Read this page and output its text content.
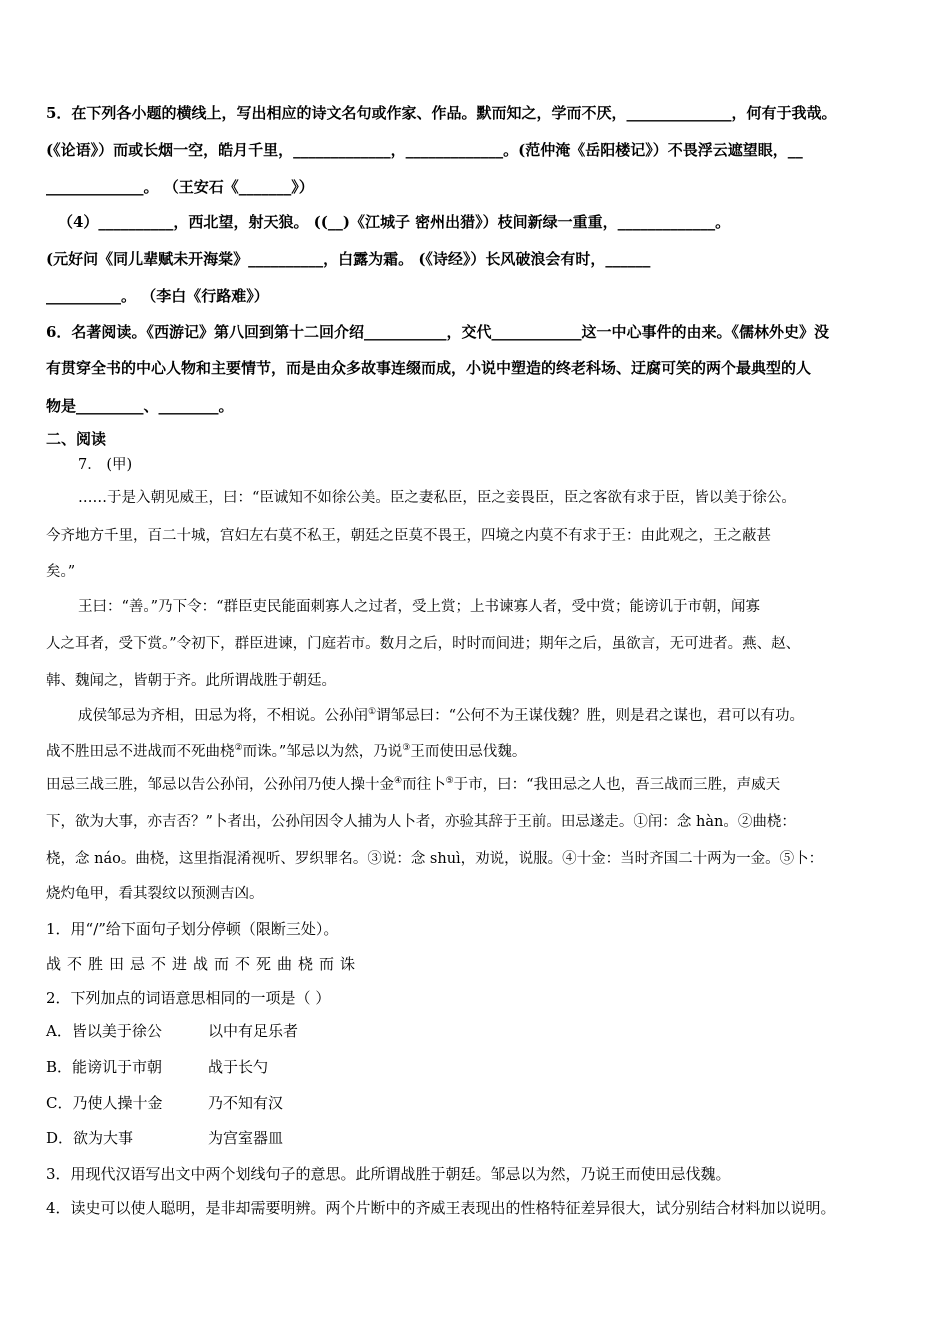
5．在下列各小题的横线上，写出相应的诗文名句或作家、作品。默而知之，学而不厌，______________，何有于我哉。
(《论语》）而或长烟一空，皓月千里，_____________，_____________。(范仲淹《岳阳楼记》）不畏浮云遮望眼，__
_____________。 （王安石《_______》）
（4）__________，西北望，射天狼。 ((__)《江城子 密州出猎》）枝间新绿一重重，_____________。
(元好问《同儿辈赋未开海棠》__________，白露为霜。 (《诗经》）长风破浪会有时，______
__________。 （李白《行路难》）
6．名著阅读。《西游记》第八回到第十二回介绍___________，交代____________这一中心事件的由来。《儒林外史》没
有贯穿全书的中心人物和主要情节，而是由众多故事连缀而成，小说中塑造的终老科场、迂腐可笑的两个最典型的人
物是_________、________。
二、阅读
7． (甲)
……于是入朝见威王，曰：“臣诚知不如徐公美。臣之妻私臣，臣之妾畏臣，臣之客欲有求于臣，皆以美于徐公。
今齐地方千里，百二十城，宫妇左右莫不私王，朝廷之臣莫不畏王，四境之内莫不有求于王：由此观之，王之蔽甚
矣。”
王曰：“善。”乃下令：“群臣吏民能面刺寡人之过者，受上赏；上书谏寡人者，受中赏；能谤讥于市朝，闻寡
人之耳者，受下赏。”令初下，群臣进谏，门庭若市。数月之后，时时而间进；期年之后，虽欲言，无可进者。燕、赵、
韩、魏闻之，皆朝于齐。此所谓战胜于朝廷。
成侯邹忌为齐相，田忌为将，不相说。公孙闬①谓邹忌曰：“公何不为王谋伐魏？胜，则是君之谋也，君可以有功。
战不胜田忌不进战而不死曲桡②而诛。”邹忌以为然，乃说③王而使田忌伐魏。
田忌三战三胜，邹忌以告公孙闬，公孙闬乃使人操十金④而往卜⑤于市，曰：“我田忌之人也，吾三战而三胜，声威天
下，欲为大事，亦吉否？”卜者出，公孙闬因令人捕为人卜者，亦验其辞于王前。田忌遂走。①闬：念 hàn。②曲桡：
桡，念 náo。曲桡，这里指混淆视听、罗织罪名。③说：念 shuì，劝说，说服。④十金：当时齐国二十两为一金。⑤卜：
烧灼龟甲，看其裂纹以预测吉凶。
1．用“/”给下面句子划分停顿（限断三处）。
战不胜田忌不进战而不死曲桡而诛
2．下列加点的词语意思相同的一项是（ ）
A．皆以美于徐公	以中有足乐者
B．能谤讥于市朝	战于长勺
C．乃使人操十金	乃不知有汉
D．欲为大事	为宫室器皿
3．用现代汉语写出文中两个划线句子的意思。此所谓战胜于朝廷。邹忌以为然，乃说王而使田忌伐魏。
4．读史可以使人聪明，是非却需要明辨。两个片断中的齐威王表现出的性格特征差异很大，试分别结合材料加以说明。
